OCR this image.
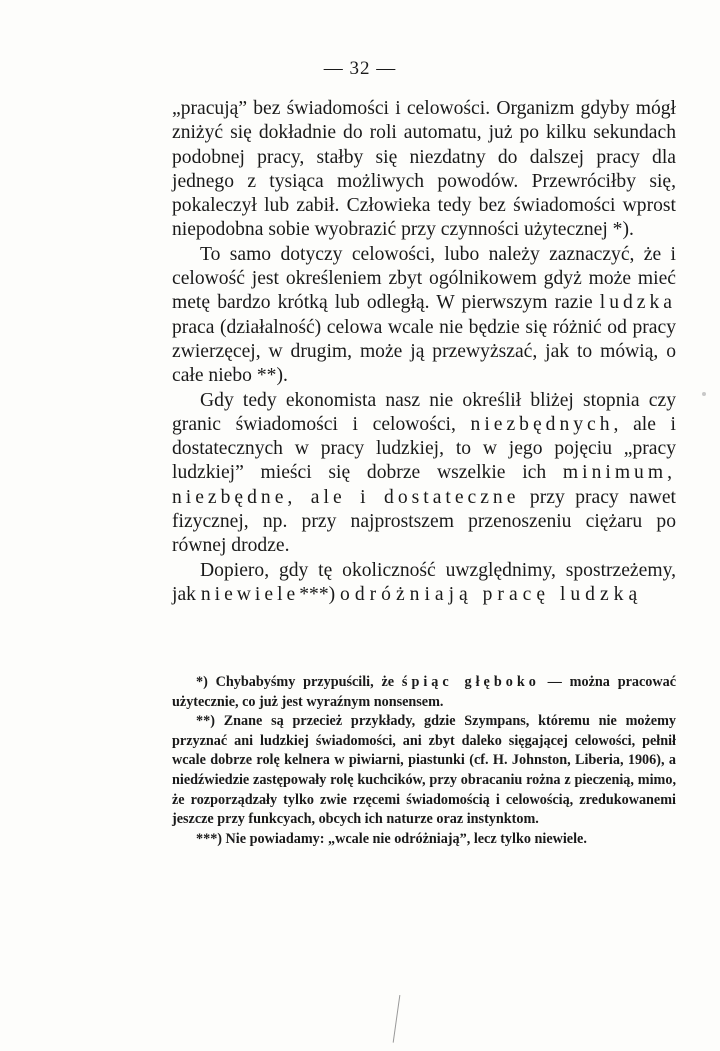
— 32 —

„pracują” bez świadomości i celowości. Organizm gdyby mógł zniżyć się dokładnie do roli automatu, już po kilku sekundach podobnej pracy, stałby się niezdatny do dalszej pracy dla jednego z tysiąca możliwych powodów. Przewróciłby się, pokaleczył lub zabił. Człowieka tedy bez świadomości wprost niepodobna sobie wyobrazić przy czynności użytecznej *).

To samo dotyczy celowości, lubo należy zaznaczyć, że i celowość jest określeniem zbyt ogólnikowem gdyż może mieć metę bardzo krótką lub odległą. W pierwszym razie ludzka praca (działalność) celowa wcale nie będzie się różnić od pracy zwierzęcej, w drugim, może ją przewyższać, jak to mówią, o całe niebo **).

Gdy tedy ekonomista nasz nie określił bliżej stopnia czy granic świadomości i celowości, niezbędnych, ale i dostatecznych w pracy ludzkiej, to w jego pojęciu „pracy ludzkiej” mieści się dobrze wszelkie ich minimum, niezbędne, ale i dostateczne przy pracy nawet fizycznej, np. przy najprostszem przenoszeniu ciężaru po równej drodze.

Dopiero, gdy tę okoliczność uwzględnimy, spostrzeżemy, jak niewiele***) odróżniają pracę ludzką

*) Chybabyśmy przypuścili, że śpiąc głęboko — można pracować użytecznie, co już jest wyraźnym nonsensem.

**) Znane są przecież przykłady, gdzie Szympans, któremu nie możemy przyznać ani ludzkiej świadomości, ani zbyt daleko sięgającej celowości, pełnił wcale dobrze rolę kelnera w piwiarni, piastunki (cf. H. Johnston, Liberia, 1906), a niedźwiedzie zastępowały rolę kuchcików, przy obracaniu rożna z pieczenią, mimo, że rozporządzały tylko zwie rzęcemi świadomością i celowością, zredukowanemi jeszcze przy funkcyach, obcych ich naturze oraz instynktom.

***) Nie powiadamy: „wcale nie odróżniają”, lecz tylko niewiele.
